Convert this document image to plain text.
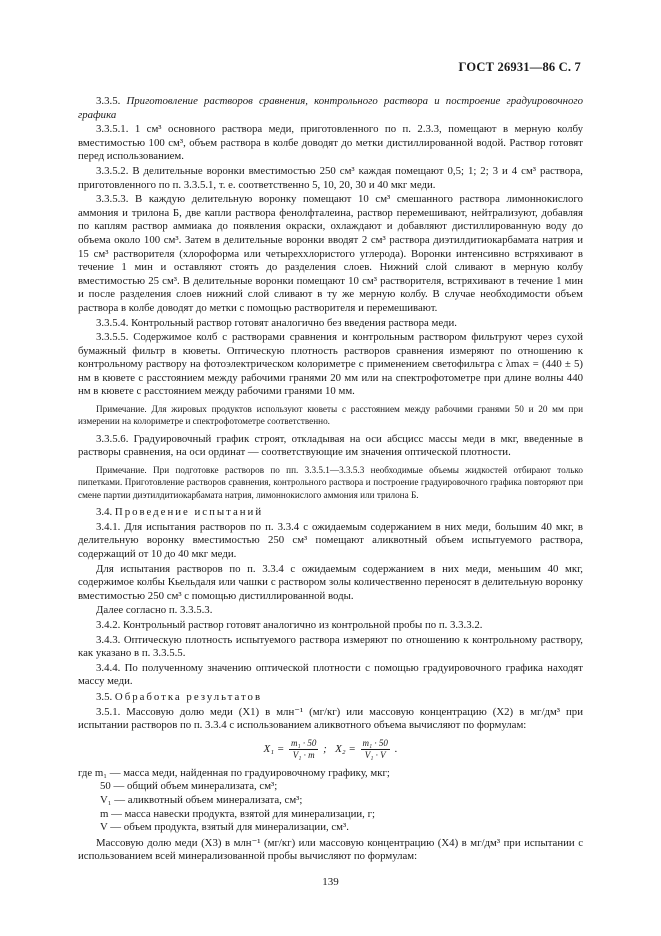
ГОСТ 26931—86 С. 7

3.3.5. Приготовление растворов сравнения, контрольного раствора и построение градуировочного графика

3.3.5.1. 1 см³ основного раствора меди, приготовленного по п. 2.3.3, помещают в мерную колбу вместимостью 100 см³, объем раствора в колбе доводят до метки дистиллированной водой. Раствор готовят перед использованием.

3.3.5.2. В делительные воронки вместимостью 250 см³ каждая помещают 0,5; 1; 2; 3 и 4 см³ раствора, приготовленного по п. 3.3.5.1, т. е. соответственно 5, 10, 20, 30 и 40 мкг меди.

3.3.5.3. В каждую делительную воронку помещают 10 см³ смешанного раствора лимоннокислого аммония и трилона Б, две капли раствора фенолфталеина, раствор перемешивают, нейтрализуют, добавляя по каплям раствор аммиака до появления окраски, охлаждают и добавляют дистиллированную воду до объема около 100 см³. Затем в делительные воронки вводят 2 см³ раствора диэтилдитиокарбамата натрия и 15 см³ растворителя (хлороформа или четыреххлористого углерода). Воронки интенсивно встряхивают в течение 1 мин и оставляют стоять до разделения слоев. Нижний слой сливают в мерную колбу вместимостью 25 см³. В делительные воронки помещают 10 см³ растворителя, встряхивают в течение 1 мин и после разделения слоев нижний слой сливают в ту же мерную колбу. В случае необходимости объем раствора в колбе доводят до метки с помощью растворителя и перемешивают.

3.3.5.4. Контрольный раствор готовят аналогично без введения раствора меди.

3.3.5.5. Содержимое колб с растворами сравнения и контрольным раствором фильтруют через сухой бумажный фильтр в кюветы. Оптическую плотность растворов сравнения измеряют по отношению к контрольному раствору на фотоэлектрическом колориметре с применением светофильтра с λmax = (440 ± 5) нм в кювете с расстоянием между рабочими гранями 20 мм или на спектрофотометре при длине волны 440 нм в кювете с расстоянием между рабочими гранями 10 мм.

Примечание. Для жировых продуктов используют кюветы с расстоянием между рабочими гранями 50 и 20 мм при измерении на колориметре и спектрофотометре соответственно.

3.3.5.6. Градуировочный график строят, откладывая на оси абсцисс массы меди в мкг, введенные в растворы сравнения, на оси ординат — соответствующие им значения оптической плотности.

Примечание. При подготовке растворов по пп. 3.3.5.1—3.3.5.3 необходимые объемы жидкостей отбирают только пипетками. Приготовление растворов сравнения, контрольного раствора и построение градуировочного графика повторяют при смене партии диэтилдитиокарбамата натрия, лимоннокислого аммония или трилона Б.

3.4. Проведение испытаний

3.4.1. Для испытания растворов по п. 3.3.4 с ожидаемым содержанием в них меди, большим 40 мкг, в делительную воронку вместимостью 250 см³ помещают аликвотный объем испытуемого раствора, содержащий от 10 до 40 мкг меди.

Для испытания растворов по п. 3.3.4 с ожидаемым содержанием в них меди, меньшим 40 мкг, содержимое колбы Кьельдаля или чашки с раствором золы количественно переносят в делительную воронку вместимостью 250 см³ с помощью дистиллированной воды.

Далее согласно п. 3.3.5.3.

3.4.2. Контрольный раствор готовят аналогично из контрольной пробы по п. 3.3.3.2.

3.4.3. Оптическую плотность испытуемого раствора измеряют по отношению к контрольному раствору, как указано в п. 3.3.5.5.

3.4.4. По полученному значению оптической плотности с помощью градуировочного графика находят массу меди.

3.5. Обработка результатов

3.5.1. Массовую долю меди (X1) в млн⁻¹ (мг/кг) или массовую концентрацию (X2) в мг/дм³ при испытании растворов по п. 3.3.4 с использованием аликвотного объема вычисляют по формулам:

$X_1 = \frac{\text{m₁ · 50}}{\text{V₁ · m}}$ ; $X_2 = \frac{\text{m₁ · 50}}{\text{V₁ · V}}$ .
где m₁ — масса меди, найденная по градуировочному графику, мкг;
50 — общий объем минерализата, см³;
V₁ — аликвотный объем минерализата, см³;
m — масса навески продукта, взятой для минерализации, г;
V — объем продукта, взятый для минерализации, см³.

Массовую долю меди (X3) в млн⁻¹ (мг/кг) или массовую концентрацию (X4) в мг/дм³ при испытании с использованием всей минерализованной пробы вычисляют по формулам:

139
